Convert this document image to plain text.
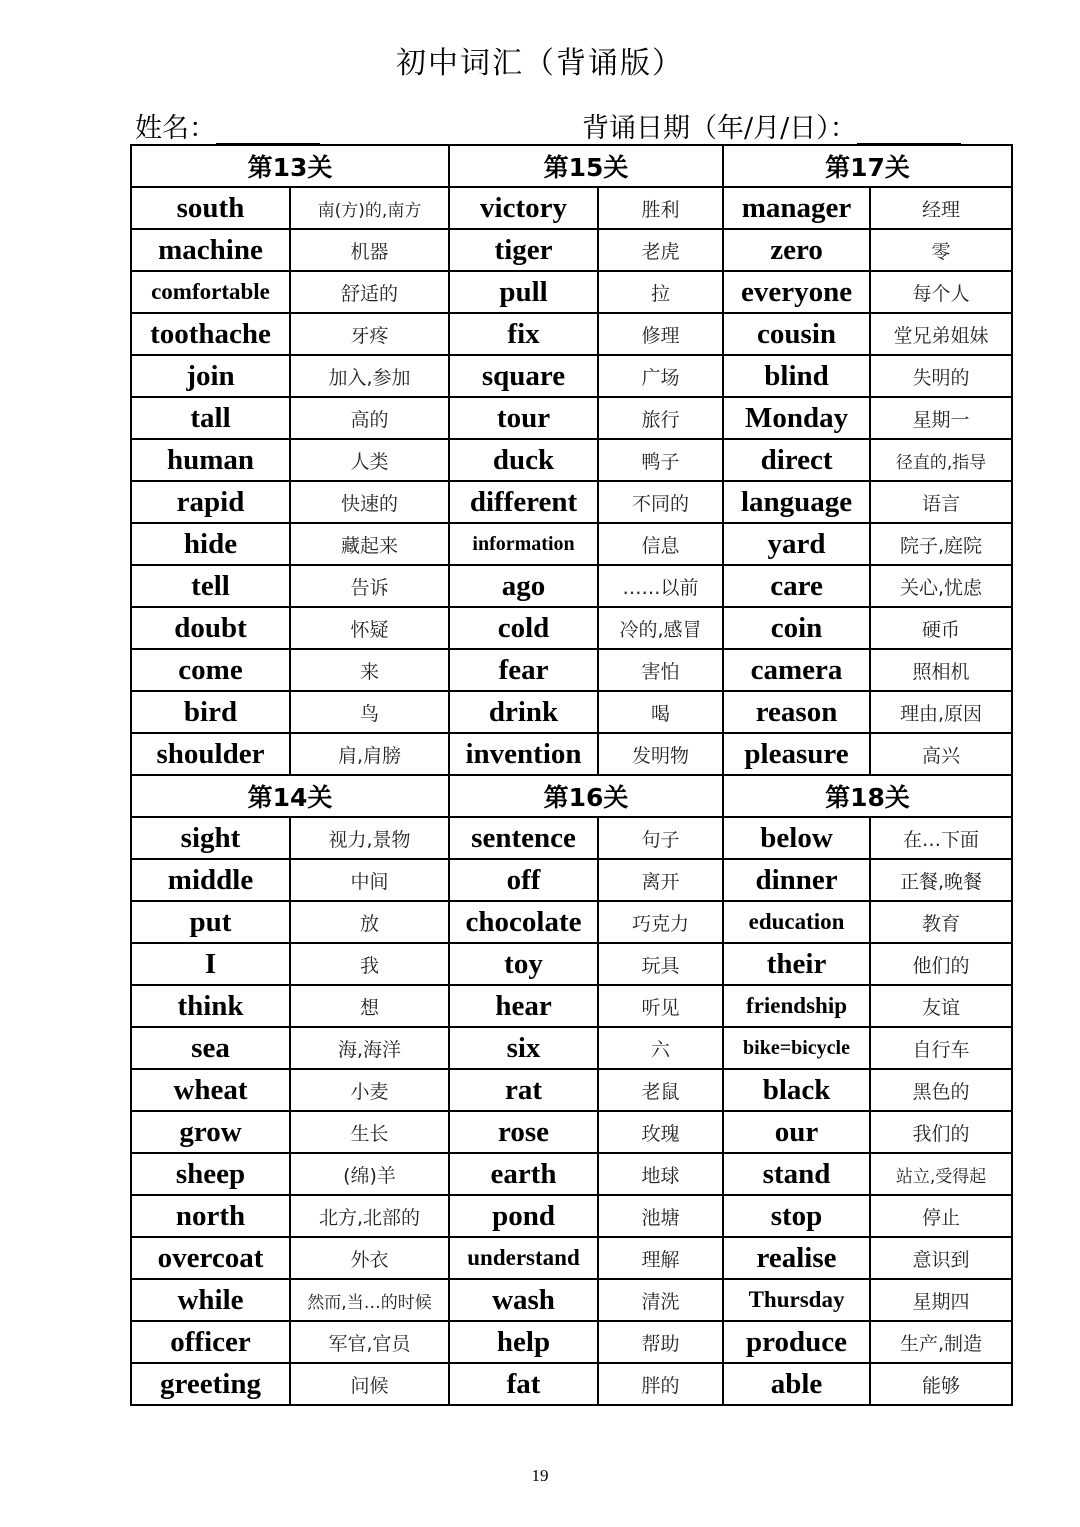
初中词汇（背诵版）
姓名：	背诵日期（年/月/日）：
第13关		第15关		第17关	
south	南(方)的,南方	victory	胜利	manager	经理
machine	机器	tiger	老虎	zero	零
comfortable	舒适的	pull	拉	everyone	每个人
toothache	牙疼	fix	修理	cousin	堂兄弟姐妹
join	加入,参加	square	广场	blind	失明的
tall	高的	tour	旅行	Monday	星期一
human	人类	duck	鸭子	direct	径直的,指导
rapid	快速的	different	不同的	language	语言
hide	藏起来	information	信息	yard	院子,庭院
tell	告诉	ago	……以前	care	关心,忧虑
doubt	怀疑	cold	冷的,感冒	coin	硬币
come	来	fear	害怕	camera	照相机
bird	鸟	drink	喝	reason	理由,原因
shoulder	肩,肩膀	invention	发明物	pleasure	高兴
第14关		第16关		第18关	
sight	视力,景物	sentence	句子	below	在…下面
middle	中间	off	离开	dinner	正餐,晚餐
put	放	chocolate	巧克力	education	教育
I	我	toy	玩具	their	他们的
think	想	hear	听见	friendship	友谊
sea	海,海洋	six	六	bike=bicycle	自行车
wheat	小麦	rat	老鼠	black	黑色的
grow	生长	rose	玫瑰	our	我们的
sheep	(绵)羊	earth	地球	stand	站立,受得起
north	北方,北部的	pond	池塘	stop	停止
overcoat	外衣	understand	理解	realise	意识到
while	然而,当…的时候	wash	清洗	Thursday	星期四
officer	军官,官员	help	帮助	produce	生产,制造
greeting	问候	fat	胖的	able	能够
19
